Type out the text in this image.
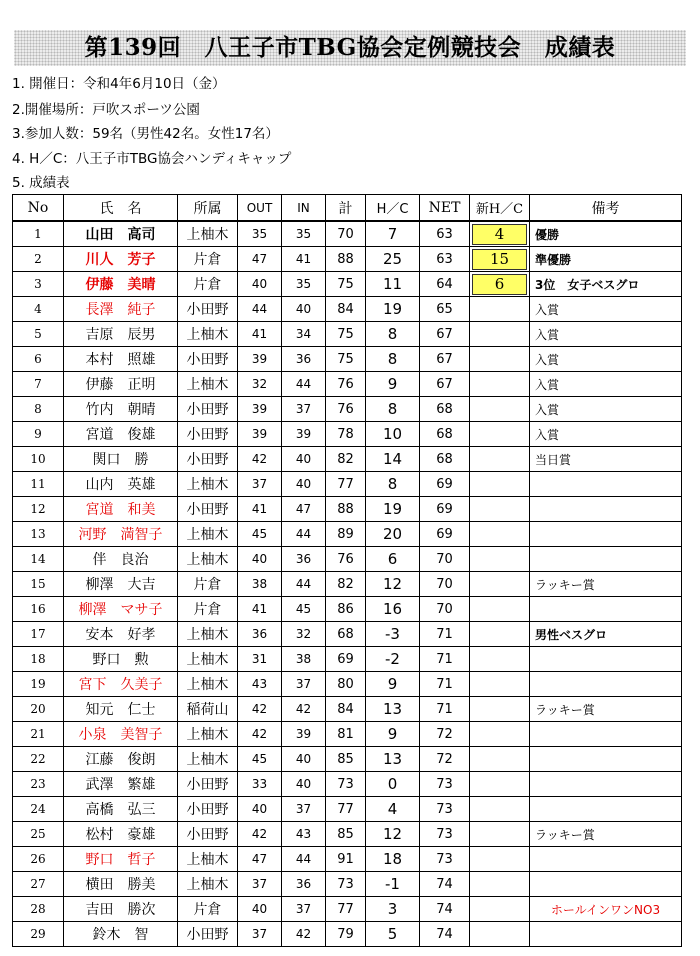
第139回　八王子市TBG協会定例競技会　成績表
1. 開催日：令和4年6月10日（金）
2.開催場所：戸吹スポーツ公園
3.参加人数：59名（男性42名。女性17名）
4. H／C：八王子市TBG協会ハンディキャップ
5. 成績表
No	氏　名	所属	OUT	IN	計	H／C	NET	新H／C	備考
1	山田　高司	上柚木	35	35	70	7	63	4	優勝
2	川人　芳子	片倉	47	41	88	25	63	15	準優勝
3	伊藤　美晴	片倉	40	35	75	11	64	6	3位　女子ベスグロ
4	長澤　純子	小田野	44	40	84	19	65		入賞
5	吉原　辰男	上柚木	41	34	75	8	67		入賞
6	本村　照雄	小田野	39	36	75	8	67		入賞
7	伊藤　正明	上柚木	32	44	76	9	67		入賞
8	竹内　朝晴	小田野	39	37	76	8	68		入賞
9	宮道　俊雄	小田野	39	39	78	10	68		入賞
10	関口　勝	小田野	42	40	82	14	68		当日賞
11	山内　英雄	上柚木	37	40	77	8	69		
12	宮道　和美	小田野	41	47	88	19	69		
13	河野　満智子	上柚木	45	44	89	20	69		
14	伴　良治	上柚木	40	36	76	6	70		
15	柳澤　大吉	片倉	38	44	82	12	70		ラッキー賞
16	柳澤　マサ子	片倉	41	45	86	16	70		
17	安本　好孝	上柚木	36	32	68	-3	71		男性ベスグロ
18	野口　勲	上柚木	31	38	69	-2	71		
19	宮下　久美子	上柚木	43	37	80	9	71		
20	知元　仁士	稲荷山	42	42	84	13	71		ラッキー賞
21	小泉　美智子	上柚木	42	39	81	9	72		
22	江藤　俊朗	上柚木	45	40	85	13	72		
23	武澤　繁雄	小田野	33	40	73	0	73		
24	高橋　弘三	小田野	40	37	77	4	73		
25	松村　豪雄	小田野	42	43	85	12	73		ラッキー賞
26	野口　哲子	上柚木	47	44	91	18	73		
27	横田　勝美	上柚木	37	36	73	-1	74		
28	吉田　勝次	片倉	40	37	77	3	74		ホールインワンNO3
29	鈴木　智	小田野	37	42	79	5	74		
